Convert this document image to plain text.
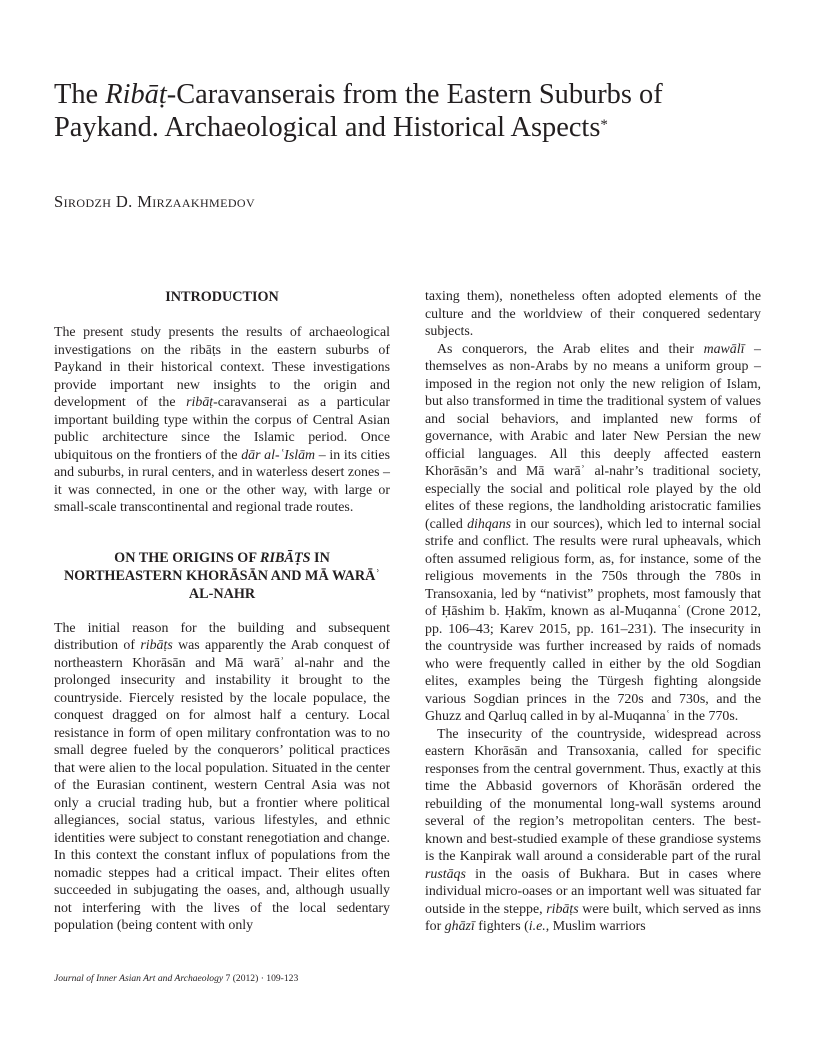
The Ribāṭ-Caravanserais from the Eastern Suburbs of Paykand. Archaeological and Historical Aspects*
Sirodzh D. Mirzaakhmedov
INTRODUCTION

The present study presents the results of archaeological investigations on the ribāṭs in the eastern suburbs of Paykand in their historical context. These investigations provide important new insights to the origin and development of the ribāṭ-caravanserai as a particular important building type within the corpus of Central Asian public architecture since the Islamic period. Once ubiquitous on the frontiers of the dār al-ʿIslām – in its cities and suburbs, in rural centers, and in waterless desert zones – it was connected, in one or the other way, with large or small-scale transcontinental and regional trade routes.

ON THE ORIGINS OF RIBĀṬS IN NORTHEASTERN KHORĀSĀN AND MĀ WARĀʾ AL-NAHR

The initial reason for the building and subsequent distribution of ribāṭs was apparently the Arab conquest of northeastern Khorāsān and Mā warāʾ al-nahr and the prolonged insecurity and instability it brought to the countryside. Fiercely resisted by the locale populace, the conquest dragged on for almost half a century. Local resistance in form of open military confrontation was to no small degree fueled by the conquerors’ political practices that were alien to the local population. Situated in the center of the Eurasian continent, western Central Asia was not only a crucial trading hub, but a frontier where political allegiances, social status, various lifestyles, and ethnic identities were subject to constant renegotiation and change. In this context the constant influx of populations from the nomadic steppes had a critical impact. Their elites often succeeded in subjugating the oases, and, although usually not interfering with the lives of the local sedentary population (being content with only

taxing them), nonetheless often adopted elements of the culture and the worldview of their conquered sedentary subjects.

As conquerors, the Arab elites and their mawālī – themselves as non-Arabs by no means a uniform group – imposed in the region not only the new religion of Islam, but also transformed in time the traditional system of values and social behaviors, and implanted new forms of governance, with Arabic and later New Persian the new official languages. All this deeply affected eastern Khorāsān’s and Mā warāʾ al-nahr’s traditional society, especially the social and political role played by the old elites of these regions, the landholding aristocratic families (called dihqans in our sources), which led to internal social strife and conflict. The results were rural upheavals, which often assumed religious form, as, for instance, some of the religious movements in the 750s through the 780s in Transoxania, led by “nativist” prophets, most famously that of Ḥāshim b. Ḥakīm, known as al-Muqannaʿ (Crone 2012, pp. 106–43; Karev 2015, pp. 161–231). The insecurity in the countryside was further increased by raids of nomads who were frequently called in either by the old Sogdian elites, examples being the Türgesh fighting alongside various Sogdian princes in the 720s and 730s, and the Ghuzz and Qarluq called in by al-Muqannaʿ in the 770s.

The insecurity of the countryside, widespread across eastern Khorāsān and Transoxania, called for specific responses from the central government. Thus, exactly at this time the Abbasid governors of Khorāsān ordered the rebuilding of the monumental long-wall systems around several of the region’s metropolitan centers. The best-known and best-studied example of these grandiose systems is the Kanpirak wall around a considerable part of the rural rustāqs in the oasis of Bukhara. But in cases where individual micro-oases or an important well was situated far outside in the steppe, ribāṭs were built, which served as inns for ghāzī fighters (i.e., Muslim warriors

Journal of Inner Asian Art and Archaeology 7 (2012) · 109-123
